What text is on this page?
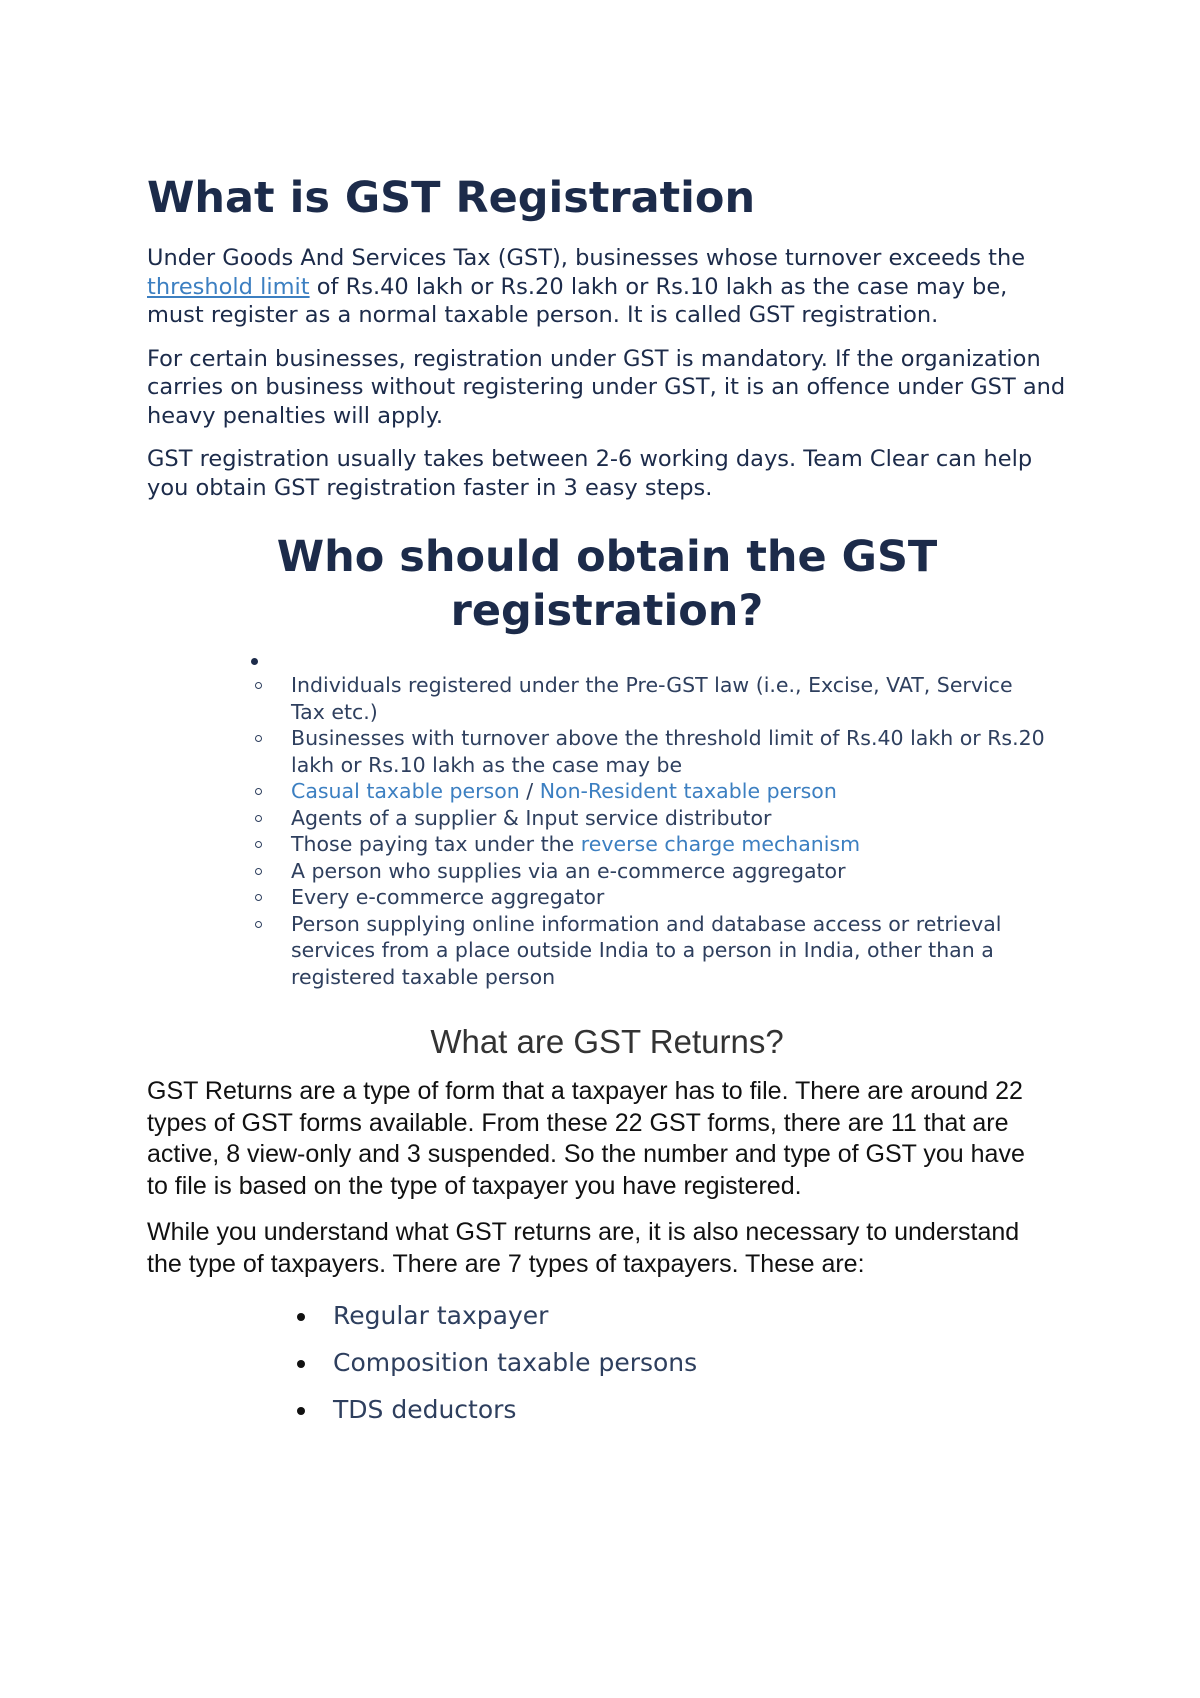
What is GST Registration

Under Goods And Services Tax (GST), businesses whose turnover exceeds the threshold limit of Rs.40 lakh or Rs.20 lakh or Rs.10 lakh as the case may be, must register as a normal taxable person. It is called GST registration.

For certain businesses, registration under GST is mandatory. If the organization carries on business without registering under GST, it is an offence under GST and heavy penalties will apply.

GST registration usually takes between 2-6 working days. Team Clear can help you obtain GST registration faster in 3 easy steps.

Who should obtain the GST registration?
Individuals registered under the Pre-GST law (i.e., Excise, VAT, Service Tax etc.)
Businesses with turnover above the threshold limit of Rs.40 lakh or Rs.20 lakh or Rs.10 lakh as the case may be
Casual taxable person / Non-Resident taxable person
Agents of a supplier & Input service distributor
Those paying tax under the reverse charge mechanism
A person who supplies via an e-commerce aggregator
Every e-commerce aggregator
Person supplying online information and database access or retrieval services from a place outside India to a person in India, other than a registered taxable person
What are GST Returns?

GST Returns are a type of form that a taxpayer has to file. There are around 22 types of GST forms available. From these 22 GST forms, there are 11 that are active, 8 view-only and 3 suspended. So the number and type of GST you have to file is based on the type of taxpayer you have registered.

While you understand what GST returns are, it is also necessary to understand the type of taxpayers. There are 7 types of taxpayers. These are:

Regular taxpayer
Composition taxable persons
TDS deductors
